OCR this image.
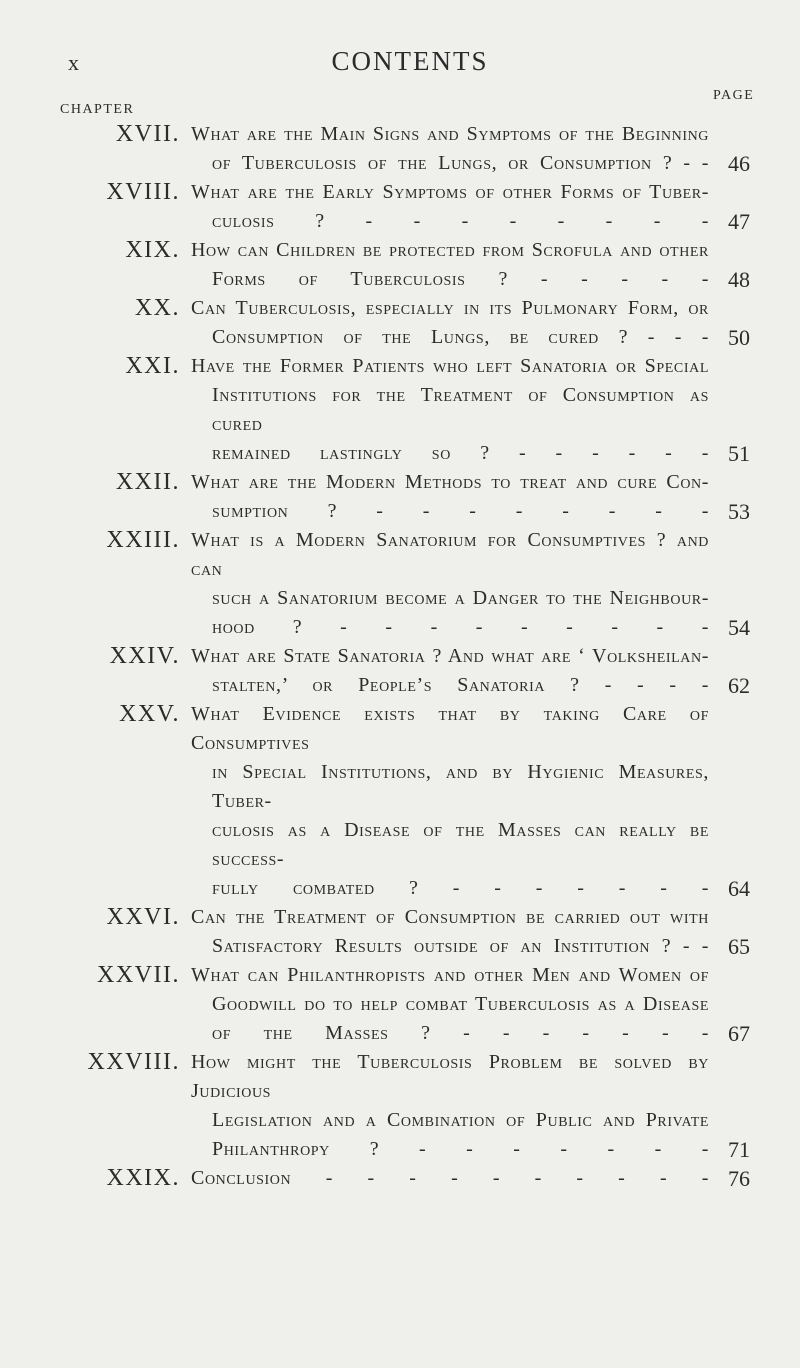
x	CONTENTS
CHAPTER
PAGE
XVII. What are the Main Signs and Symptoms of the Beginning
of Tuberculosis of the Lungs, or Consumption ? - - 46
XVIII. What are the Early Symptoms of other Forms of Tuber-
culosis ? - - - - - - - - 47
XIX. How can Children be protected from Scrofula and other
Forms of Tuberculosis ? - - - - - 48
XX. Can Tuberculosis, especially in its Pulmonary Form, or
Consumption of the Lungs, be cured ? - - - 50
XXI. Have the Former Patients who left Sanatoria or Special
Institutions for the Treatment of Consumption as cured
remained lastingly so ? - - - - - - 51
XXII. What are the Modern Methods to treat and cure Con-
sumption ? - - - - - - - - 53
XXIII. What is a Modern Sanatorium for Consumptives ? and can
such a Sanatorium become a Danger to the Neighbour-
hood ? - - - - - - - - - 54
XXIV. What are State Sanatoria ? And what are ‘ Volksheilan-
stalten,’ or People’s Sanatoria ? - - - - 62
XXV. What Evidence exists that by taking Care of Consumptives
in Special Institutions, and by Hygienic Measures, Tuber-
culosis as a Disease of the Masses can really be success-
fully combated ? - - - - - - - 64
XXVI. Can the Treatment of Consumption be carried out with
Satisfactory Results outside of an Institution ? - - 65
XXVII. What can Philanthropists and other Men and Women of
Goodwill do to help combat Tuberculosis as a Disease
of the Masses ? - - - - - - - 67
XXVIII. How might the Tuberculosis Problem be solved by Judicious
Legislation and a Combination of Public and Private
Philanthropy ? - - - - - - - 71
XXIX. Conclusion - - - - - - - - - - 76
